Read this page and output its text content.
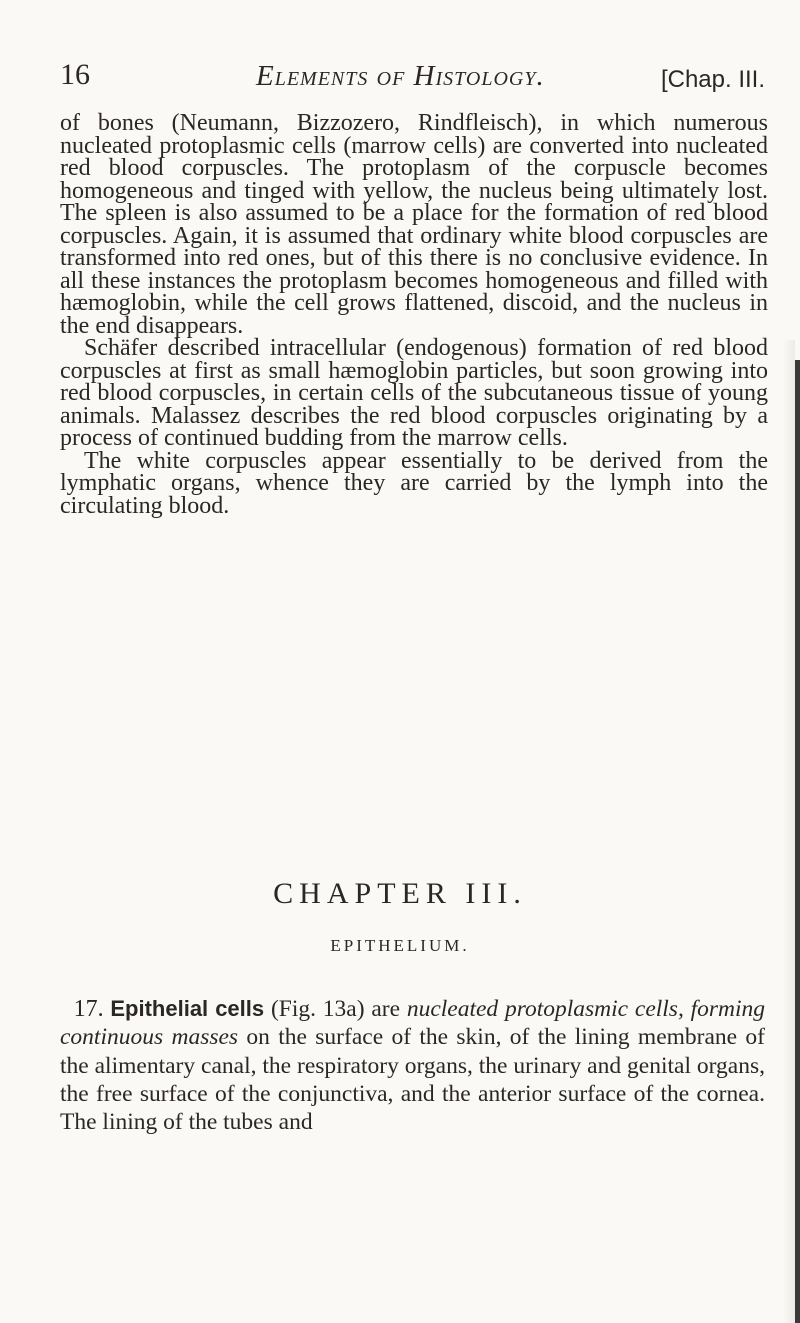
16	Elements of Histology.	[Chap. III.

of bones (Neumann, Bizzozero, Rindfleisch), in which numerous nucleated protoplasmic cells (marrow cells) are converted into nucleated red blood corpuscles. The protoplasm of the corpuscle becomes homogeneous and tinged with yellow, the nucleus being ultimately lost. The spleen is also assumed to be a place for the formation of red blood corpuscles. Again, it is assumed that ordinary white blood corpuscles are transformed into red ones, but of this there is no conclusive evidence. In all these instances the protoplasm becomes homogeneous and filled with hæmoglobin, while the cell grows flattened, discoid, and the nucleus in the end disappears.

Schäfer described intracellular (endogenous) formation of red blood corpuscles at first as small hæmoglobin particles, but soon growing into red blood corpuscles, in certain cells of the subcutaneous tissue of young animals. Malassez describes the red blood corpuscles originating by a process of continued budding from the marrow cells.

The white corpuscles appear essentially to be derived from the lymphatic organs, whence they are carried by the lymph into the circulating blood.

CHAPTER III.
EPITHELIUM.
17. Epithelial cells (Fig. 13a) are nucleated protoplasmic cells, forming continuous masses on the surface of the skin, of the lining membrane of the alimentary canal, the respiratory organs, the urinary and genital organs, the free surface of the conjunctiva, and the anterior surface of the cornea. The lining of the tubes and
